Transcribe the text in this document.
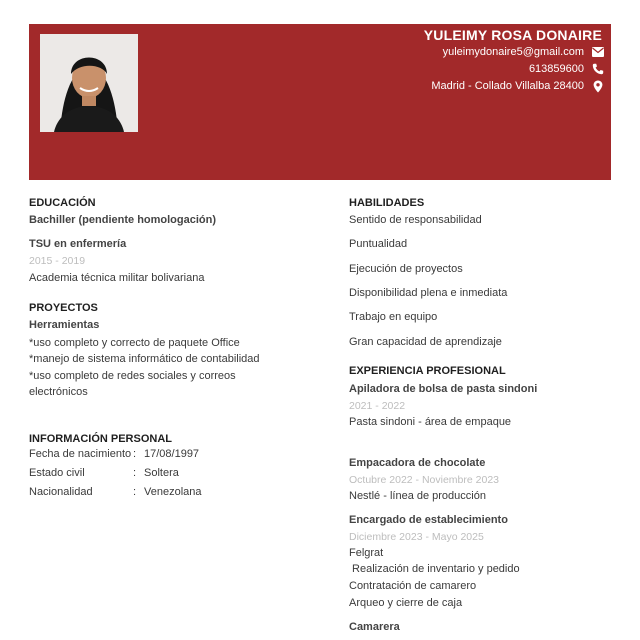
YULEIMY ROSA DONAIRE
yuleimydonaire5@gmail.com
613859600
Madrid - Collado Villalba 28400
EDUCACIÓN
Bachiller (pendiente homologación)
TSU en enfermería
2015 - 2019
Academia técnica militar bolivariana
PROYECTOS
Herramientas
*uso completo y correcto de paquete Office
*manejo de sistema informático de contabilidad
*uso completo de redes sociales y correos
electrónicos
INFORMACIÓN PERSONAL
Fecha de nacimiento : 17/08/1997
Estado civil	: Soltera
Nacionalidad	: Venezolana
HABILIDADES
Sentido de responsabilidad
Puntualidad
Ejecución de proyectos
Disponibilidad plena e inmediata
Trabajo en equipo
Gran capacidad de aprendizaje
EXPERIENCIA PROFESIONAL
Apiladora de bolsa de pasta sindoni
2021 - 2022
Pasta sindoni - área de empaque
Empacadora de chocolate
Octubre 2022 - Noviembre 2023
Nestlé - línea de producción
Encargado de establecimiento
Diciembre 2023 - Mayo 2025
Felgrat
Realización de inventario y pedido
Contratación de camarero
Arqueo y cierre de caja
Camarera
